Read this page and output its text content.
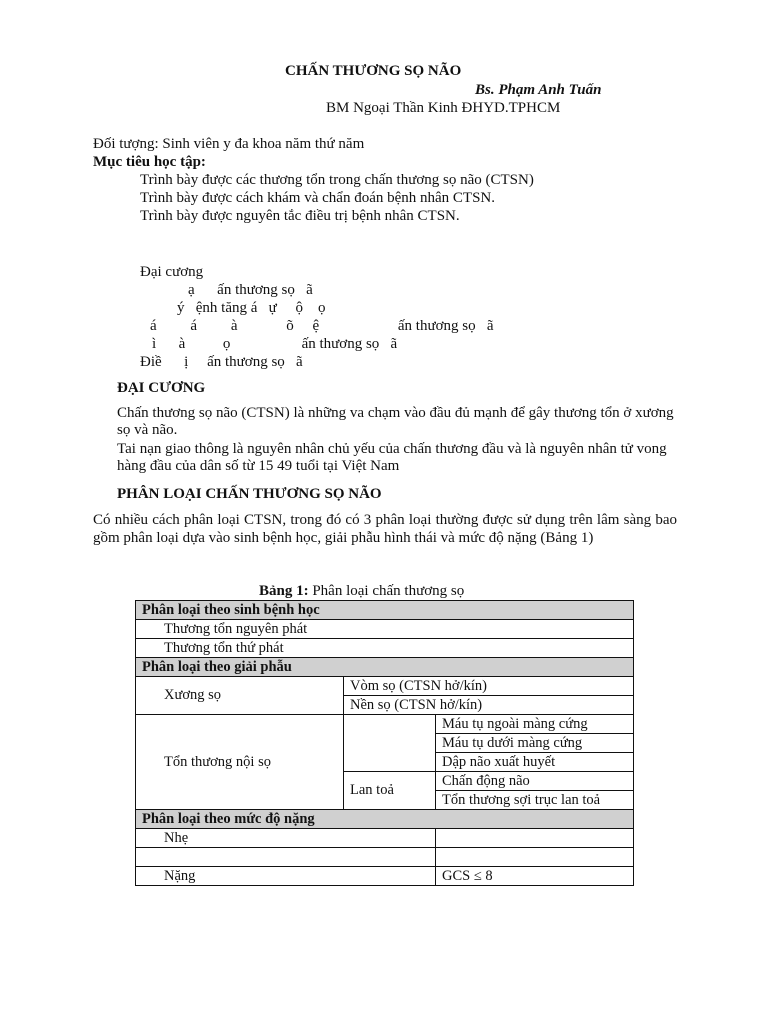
CHẤN THƯƠNG SỌ NÃO
Bs. Phạm Anh Tuấn
BM Ngoại Thần Kinh ĐHYD.TPHCM
Đối tượng: Sinh viên y đa khoa năm thứ năm
Mục tiêu học tập:
Trình bày được các thương tổn trong chấn thương sọ não (CTSN)
Trình bày được cách khám và chẩn đoán bệnh nhân CTSN.
Trình bày được nguyên tắc điều trị bệnh nhân CTSN.
Đại cương
ạ      ấn thương sọ   ã
ý   ệnh tăng á   ự     ộ    ọ
á         á         à             õ     ệ                     ấn thương sọ   ã
ì      à          ọ                   ấn thương sọ   ã
Điề      ị     ấn thương sọ   ã
ĐẠI CƯƠNG
Chấn thương sọ não (CTSN) là những va chạm vào đầu đủ mạnh để gây thương tổn ở xương sọ và não.
Tai nạn giao thông là nguyên nhân chủ yếu của chấn thương đầu và là nguyên nhân tử vong hàng đầu của dân số từ 15 49 tuổi tại Việt Nam
PHÂN LOẠI CHẤN THƯƠNG SỌ NÃO
Có nhiều cách phân loại CTSN, trong đó có 3 phân loại thường được sử dụng trên lâm sàng bao gồm phân loại dựa vào sinh bệnh học, giải phẫu hình thái và mức độ nặng (Bảng 1)
Bảng 1: Phân loại chấn thương sọ
Phân loại theo sinh bệnh học		
Thương tổn nguyên phát		
Thương tổn thứ phát		
Phân loại theo giải phẫu		
Xương sọ	Vòm sọ (CTSN hở/kín)	
	Nền sọ (CTSN hở/kín)	
Tổn thương nội sọ		Máu tụ ngoài màng cứng
		Máu tụ dưới màng cứng
		Dập não xuất huyết
	Lan toả	Chấn động não
		Tổn thương sợi trục lan toả
Phân loại theo mức độ nặng		
Nhẹ		

Nặng		GCS ≤ 8
